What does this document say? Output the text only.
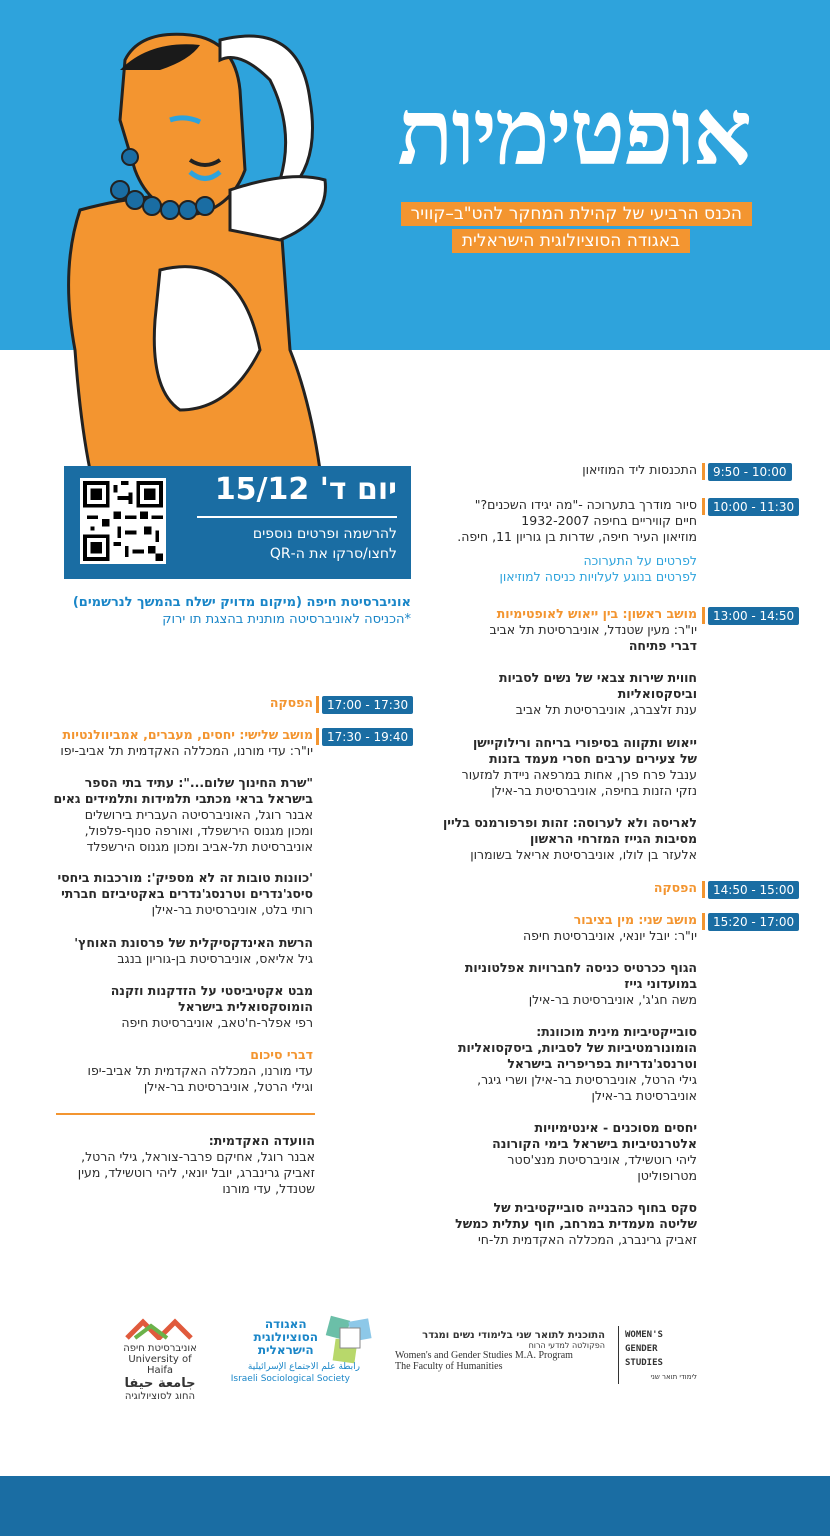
אופטימיות
הכנס הרביעי של קהילת המחקר להט"ב–קוויר
באגודה הסוציולוגית הישראלית
יום ד' 15/12
להרשמה ופרטים נוספים
לחצו/סרקו את ה-QR
אוניברסיטת חיפה (מיקום מדויק ישלח בהמשך לנרשמים)
*הכניסה לאוניברסיטה מותנית בהצגת תו ירוק
9:50 - 10:00
התכנסות ליד המוזיאון
10:00 - 11:30
סיור מודרך בתערוכה -"מה יגידו השכנים?"
חיים קוויריים בחיפה 1932-2007
מוזיאון העיר חיפה, שדרות בן גוריון 11, חיפה.
לפרטים על התערוכה
לפרטים בנוגע לעלויות כניסה למוזיאון
13:00 - 14:50
מושב ראשון: בין ייאוש לאופטימיות
יו"ר: מעין שטנדל, אוניברסיטת תל אביב
דברי פתיחה
חווית שירות צבאי של נשים לסביות
וביסקסואליות
ענת זלצברג, אוניברסיטת תל אביב
ייאוש ותקווה בסיפורי בריחה ורילוקיישן
של צעירים ערבים חסרי מעמד בזנות
ענבל פרח פרן, אחות במרפאה ניידת למזעור
נזקי הזנות בחיפה, אוניברסיטת בר-אילן
לאריסה ולא לערוסה: זהות ופרפורמנס בליין
מסיבות הגייז המזרחי הראשון
אלעזר בן לולו, אוניברסיטת אריאל בשומרון
14:50 - 15:00
הפסקה
15:20 - 17:00
מושב שני: מין בציבור
יו"ר: יובל יונאי, אוניברסיטת חיפה
הגוף ככרטיס כניסה לחברויות אפלטוניות
במועדוני גייז
משה חג'ג', אוניברסיטת בר-אילן
סובייקטיביות מינית מוכוונת:
הומונורמטיביות של לסביות, ביסקסואליות
וטרנסג'נדריות בפריפריה בישראל
גילי הרטל, אוניברסיטת בר-אילן ושרי גיגר,
אוניברסיטת בר-אילן
יחסים מסוכנים - אינטימיויות
אלטרנטיביות בישראל בימי הקורונה
ליהי רוטשילד, אוניברסיטת מנצ'סטר
מטרופוליטן
סקס בחוף כהבנייה סובייקטיבית של
שליטה מעמדית במרחב, חוף עתלית כמשל
זאביק גרינברג, המכללה האקדמית תל-חי
17:00 - 17:30
הפסקה
17:30 - 19:40
מושב שלישי: יחסים, מעברים, אמביוולנטיות
יו"ר: עדי מורנו, המכללה האקדמית תל אביב-יפו
"שרת החינוך שלום...": עתיד בתי הספר
בישראל בראי מכתבי תלמידות ותלמידים גאים
אבנר רוגל, האוניברסיטה העברית בירושלים
ומכון מגנוס הירשפלד, ואורפה סנוף-פלפול,
אוניברסיטת תל-אביב ומכון מגנוס הירשפלד
'כוונות טובות זה לא מספיק': מורכבות ביחסי
סיסג'נדרים וטרנסג'נדרים באקטיביזם חברתי
רותי בלט, אוניברסיטת בר-אילן
הרשת האינדקסיקלית של פרסונת האוחץ'
גיל אליאס, אוניברסיטת בן-גוריון בנגב
מבט אקטיביסטי על הזדקנות וזקנה
הומוסקסואלית בישראל
רפי אפלר-ח'טאב, אוניברסיטת חיפה
דברי סיכום
עדי מורנו, המכללה האקדמית תל אביב-יפו
וגילי הרטל, אוניברסיטת בר-אילן
הוועדה האקדמית:
אבנר רוגל, אחיקם פרבר-צוראל, גילי הרטל,
זאביק גרינברג, יובל יונאי, ליהי רוטשילד, מעין
שטנדל, עדי מורנו
אוניברסיטת חיפה
University of Haifa
جامعة حيفا
החוג לסוציולוגיה
האגודה
הסוציולוגית
הישראלית
رابطة علم الاجتماع الإسرائيلية
Israeli Sociological Society
התוכנית לתואר שני בלימודי נשים ומגדר
הפקולטה למדעי הרוח
Women's and Gender Studies M.A. Program
The Faculty of Humanities
WOMEN'S
GENDER
STUDIES
לימודי תואר שני
